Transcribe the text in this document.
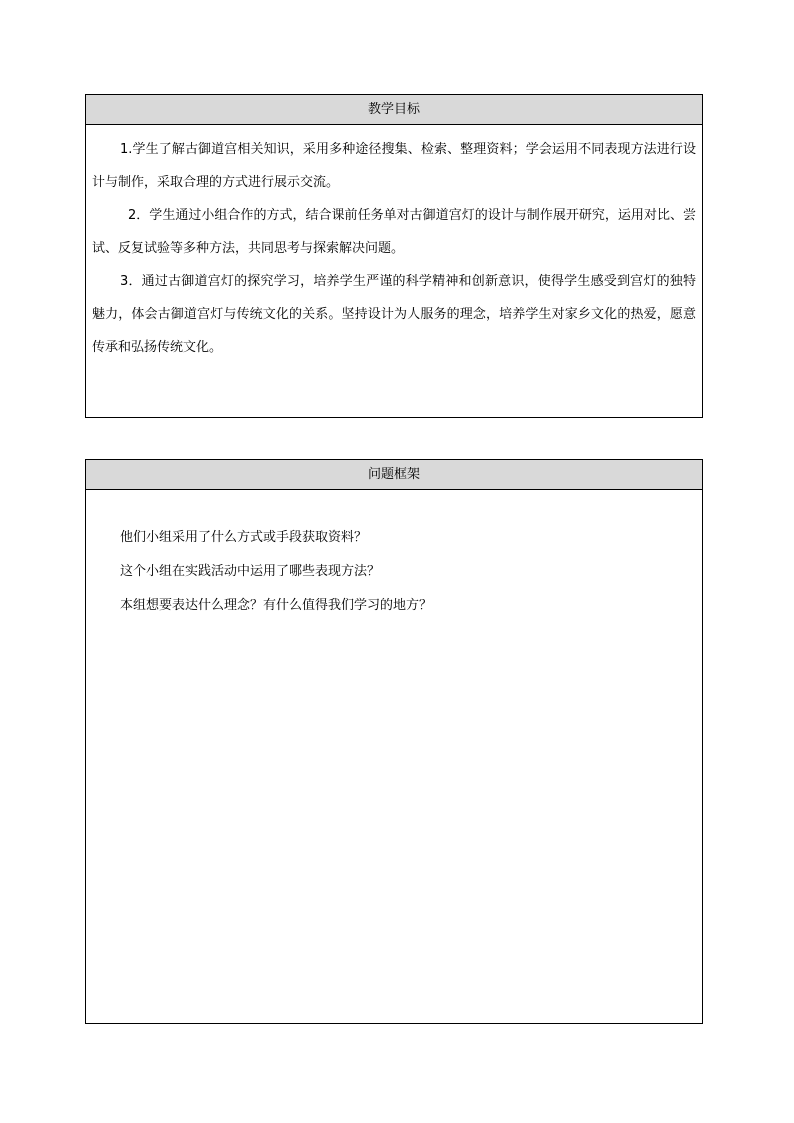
教学目标

1.学生了解古御道宫相关知识，采用多种途径搜集、检索、整理资料；学会运用不同表现方法进行设计与制作，采取合理的方式进行展示交流。

2．学生通过小组合作的方式，结合课前任务单对古御道宫灯的设计与制作展开研究，运用对比、尝试、反复试验等多种方法，共同思考与探索解决问题。

3．通过古御道宫灯的探究学习，培养学生严谨的科学精神和创新意识，使得学生感受到宫灯的独特魅力，体会古御道宫灯与传统文化的关系。坚持设计为人服务的理念，培养学生对家乡文化的热爱，愿意传承和弘扬传统文化。

问题框架

他们小组采用了什么方式或手段获取资料？

这个小组在实践活动中运用了哪些表现方法？

本组想要表达什么理念？有什么值得我们学习的地方？
